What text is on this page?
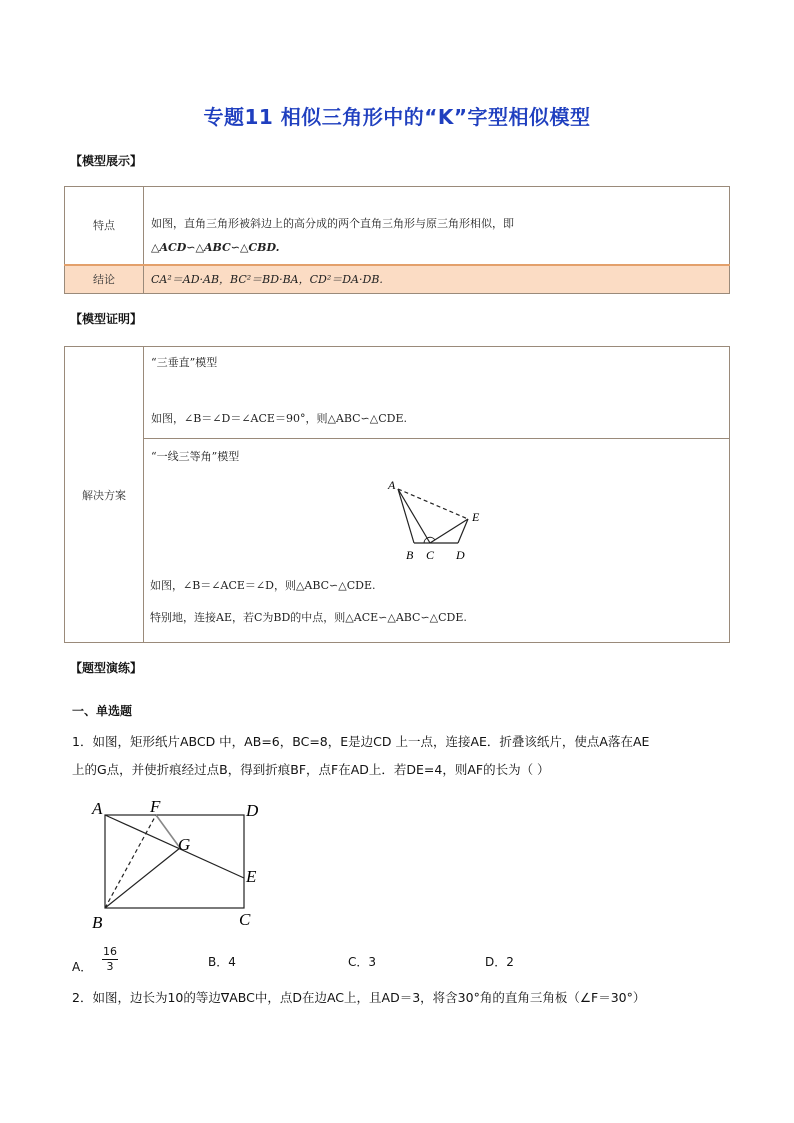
专题11 相似三角形中的“K”字型相似模型
【模型展示】
特点	如图，直角三角形被斜边上的高分成的两个直角三角形与原三角形相似，即
△ACD∽△ABC∽△CBD.

结论	CA²＝AD·AB，BC²＝BD·BA，CD²＝DA·DB.
【模型证明】
解决方案	
“三垂直”模型
如图，∠B＝∠D＝∠ACE＝90°，则△ABC∽△CDE.

“一线三等角”模型
A
B C D
E
如图，∠B＝∠ACE＝∠D，则△ABC∽△CDE.
特别地，连接AE，若C为BD的中点，则△ACE∽△ABC∽△CDE.
【题型演练】
一、单选题
1．如图，矩形纸片ABCD 中，AB=6，BC=8，E是边CD 上一点，连接AE．折叠该纸片，使点A落在AE
上的G点，并使折痕经过点B，得到折痕BF，点F在AD上．若DE=4，则AF的长为（ ）
A	F	D
G
E
B	C
A． $\frac{16}{3}$	B．4	C．3	D．2
2．如图，边长为10的等边∇ABC中，点D在边AC上，且AD＝3，将含30°角的直角三角板（∠F＝30°）
